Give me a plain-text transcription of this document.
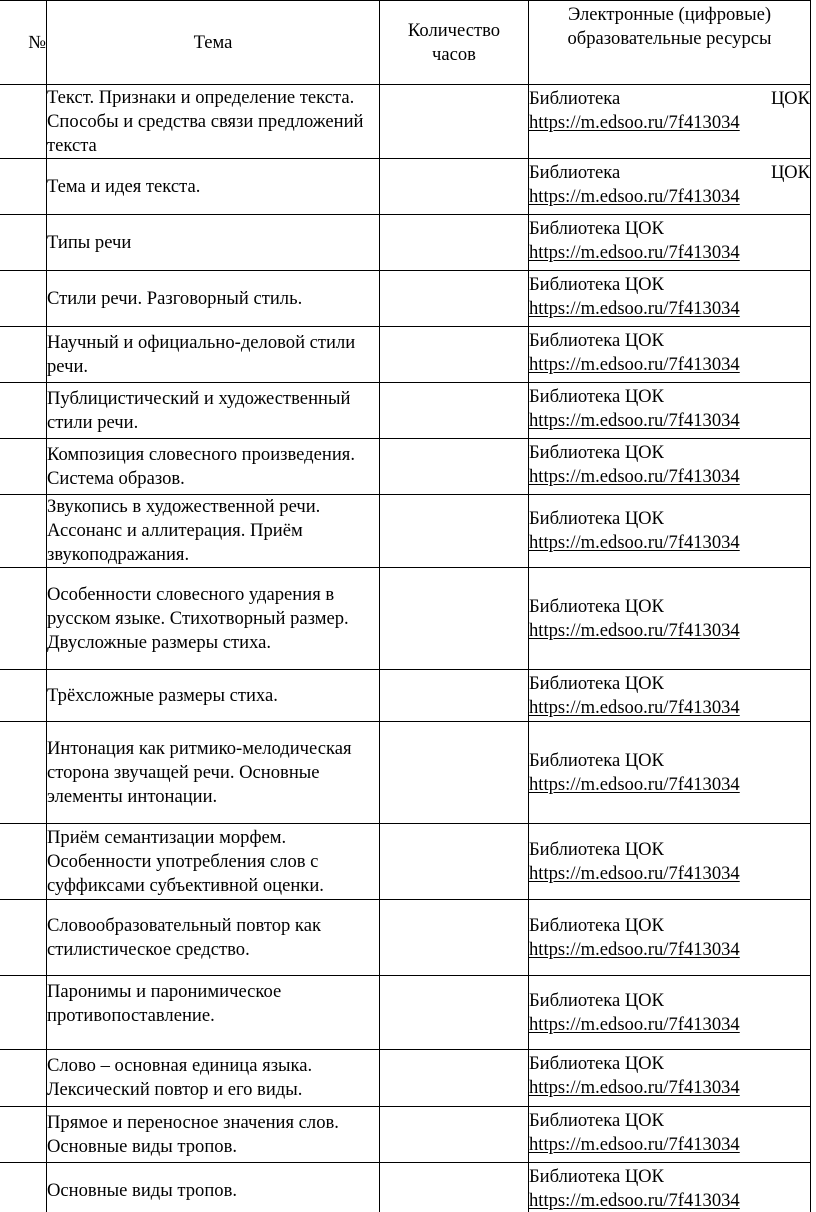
№	Тема	Количество часов	Электронные (цифровые) образовательные ресурсы

	Текст. Признаки и определение текста. Способы и средства связи предложений текста		Библиотека ЦОК
https://m.edsoo.ru/7f413034

	Тема и идея текста.		Библиотека ЦОК
https://m.edsoo.ru/7f413034

	Типы речи		Библиотека ЦОК
https://m.edsoo.ru/7f413034

	Стили речи. Разговорный стиль.		Библиотека ЦОК
https://m.edsoo.ru/7f413034

	Научный и официально-деловой стили речи.		Библиотека ЦОК
https://m.edsoo.ru/7f413034

	Публицистический и художественный стили речи.		Библиотека ЦОК
https://m.edsoo.ru/7f413034

	Композиция словесного произведения. Система образов.		Библиотека ЦОК
https://m.edsoo.ru/7f413034

	Звукопись в художественной речи. Ассонанс и аллитерация. Приём звукоподражания.		Библиотека ЦОК
https://m.edsoo.ru/7f413034

	Особенности словесного ударения в русском языке. Стихотворный размер. Двусложные размеры стиха.		Библиотека ЦОК
https://m.edsoo.ru/7f413034

	Трёхсложные размеры стиха.		Библиотека ЦОК
https://m.edsoo.ru/7f413034

	Интонация как ритмико-мелодическая сторона звучащей речи. Основные элементы интонации.		Библиотека ЦОК
https://m.edsoo.ru/7f413034

	Приём семантизации морфем. Особенности употребления слов с суффиксами субъективной оценки.		Библиотека ЦОК
https://m.edsoo.ru/7f413034

	Словообразовательный повтор как стилистическое средство.		Библиотека ЦОК
https://m.edsoo.ru/7f413034

	Паронимы и паронимическое противопоставление.		Библиотека ЦОК
https://m.edsoo.ru/7f413034

	Слово – основная единица языка. Лексический повтор и его виды.		Библиотека ЦОК
https://m.edsoo.ru/7f413034

	Прямое и переносное значения слов. Основные виды тропов.		Библиотека ЦОК
https://m.edsoo.ru/7f413034

	Основные виды тропов.		Библиотека ЦОК
https://m.edsoo.ru/7f413034
